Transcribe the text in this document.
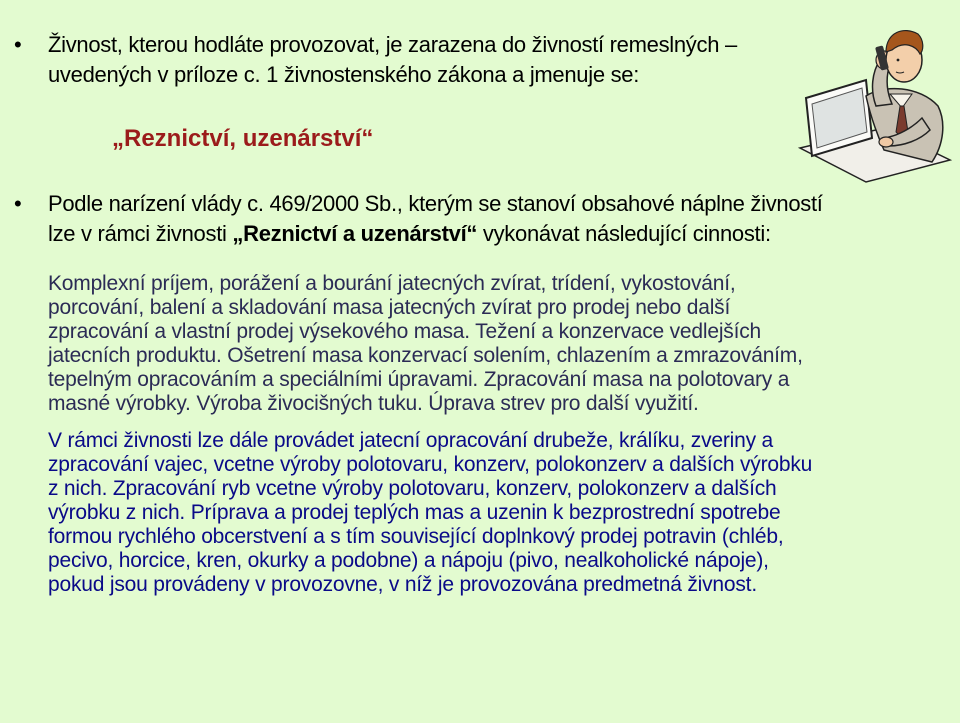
• Živnost, kterou hodláte provozovat, je zarazena do živností remeslných –
uvedených v príloze c. 1 živnostenského zákona a jmenuje se:
„Reznictví, uzenárství“
• Podle narízení vlády c. 469/2000 Sb., kterým se stanoví obsahové náplne živností
lze v rámci živnosti „Reznictví a uzenárství“ vykonávat následující cinnosti:
Komplexní príjem, porážení a bourání jatecných zvírat, trídení, vykostování,
porcování, balení a skladování masa jatecných zvírat pro prodej nebo další
zpracování a vlastní prodej výsekového masa. Težení a konzervace vedlejších
jatecních produktu. Ošetrení masa konzervací solením, chlazením a zmrazováním,
tepelným opracováním a speciálními úpravami. Zpracování masa na polotovary a
masné výrobky. Výroba živocišných tuku. Úprava strev pro další využití.
V rámci živnosti lze dále provádet jatecní opracování drubeže, králíku, zveriny a
zpracování vajec, vcetne výroby polotovaru, konzerv, polokonzerv a dalších výrobku
z nich. Zpracování ryb vcetne výroby polotovaru, konzerv, polokonzerv a dalších
výrobku z nich. Príprava a prodej teplých mas a uzenin k bezprostrední spotrebe
formou rychlého obcerstvení a s tím související doplnkový prodej potravin (chléb,
pecivo, horcice, kren, okurky a podobne) a nápoju (pivo, nealkoholické nápoje),
pokud jsou provádeny v provozovne, v níž je provozována predmetná živnost.
